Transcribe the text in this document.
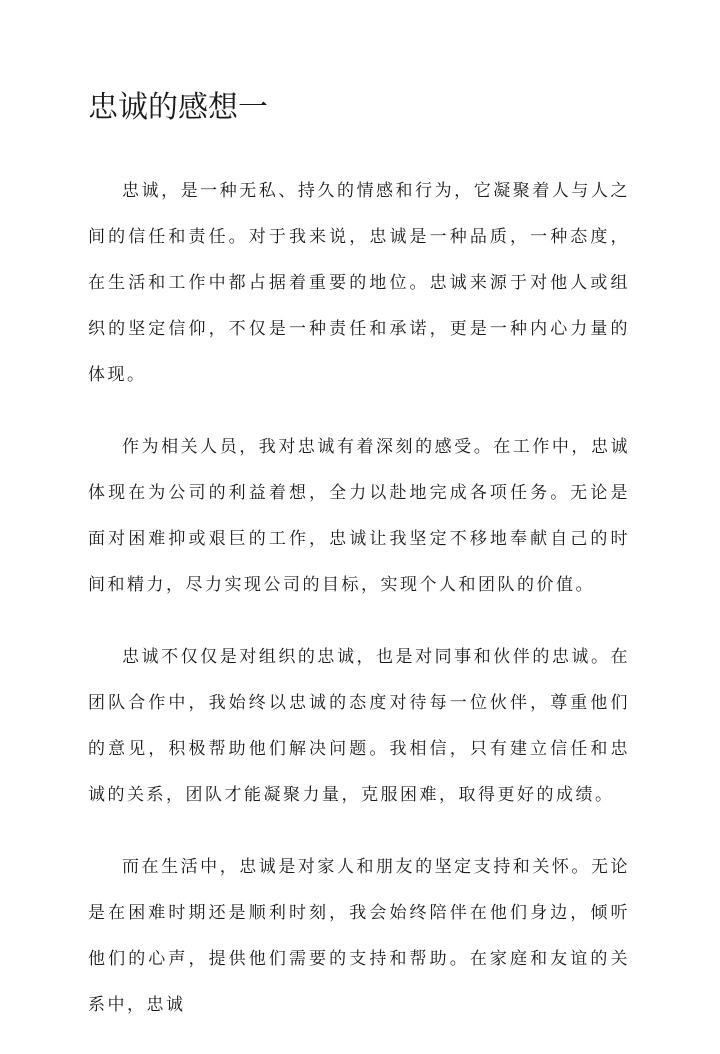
忠诚的感想一

忠诚，是一种无私、持久的情感和行为，它凝聚着人与人之间的信任和责任。对于我来说，忠诚是一种品质，一种态度，在生活和工作中都占据着重要的地位。忠诚来源于对他人或组织的坚定信仰，不仅是一种责任和承诺，更是一种内心力量的体现。

作为相关人员，我对忠诚有着深刻的感受。在工作中，忠诚体现在为公司的利益着想，全力以赴地完成各项任务。无论是面对困难抑或艰巨的工作，忠诚让我坚定不移地奉献自己的时间和精力，尽力实现公司的目标，实现个人和团队的价值。

忠诚不仅仅是对组织的忠诚，也是对同事和伙伴的忠诚。在团队合作中，我始终以忠诚的态度对待每一位伙伴，尊重他们的意见，积极帮助他们解决问题。我相信，只有建立信任和忠诚的关系，团队才能凝聚力量，克服困难，取得更好的成绩。

而在生活中，忠诚是对家人和朋友的坚定支持和关怀。无论是在困难时期还是顺利时刻，我会始终陪伴在他们身边，倾听他们的心声，提供他们需要的支持和帮助。在家庭和友谊的关系中，忠诚
